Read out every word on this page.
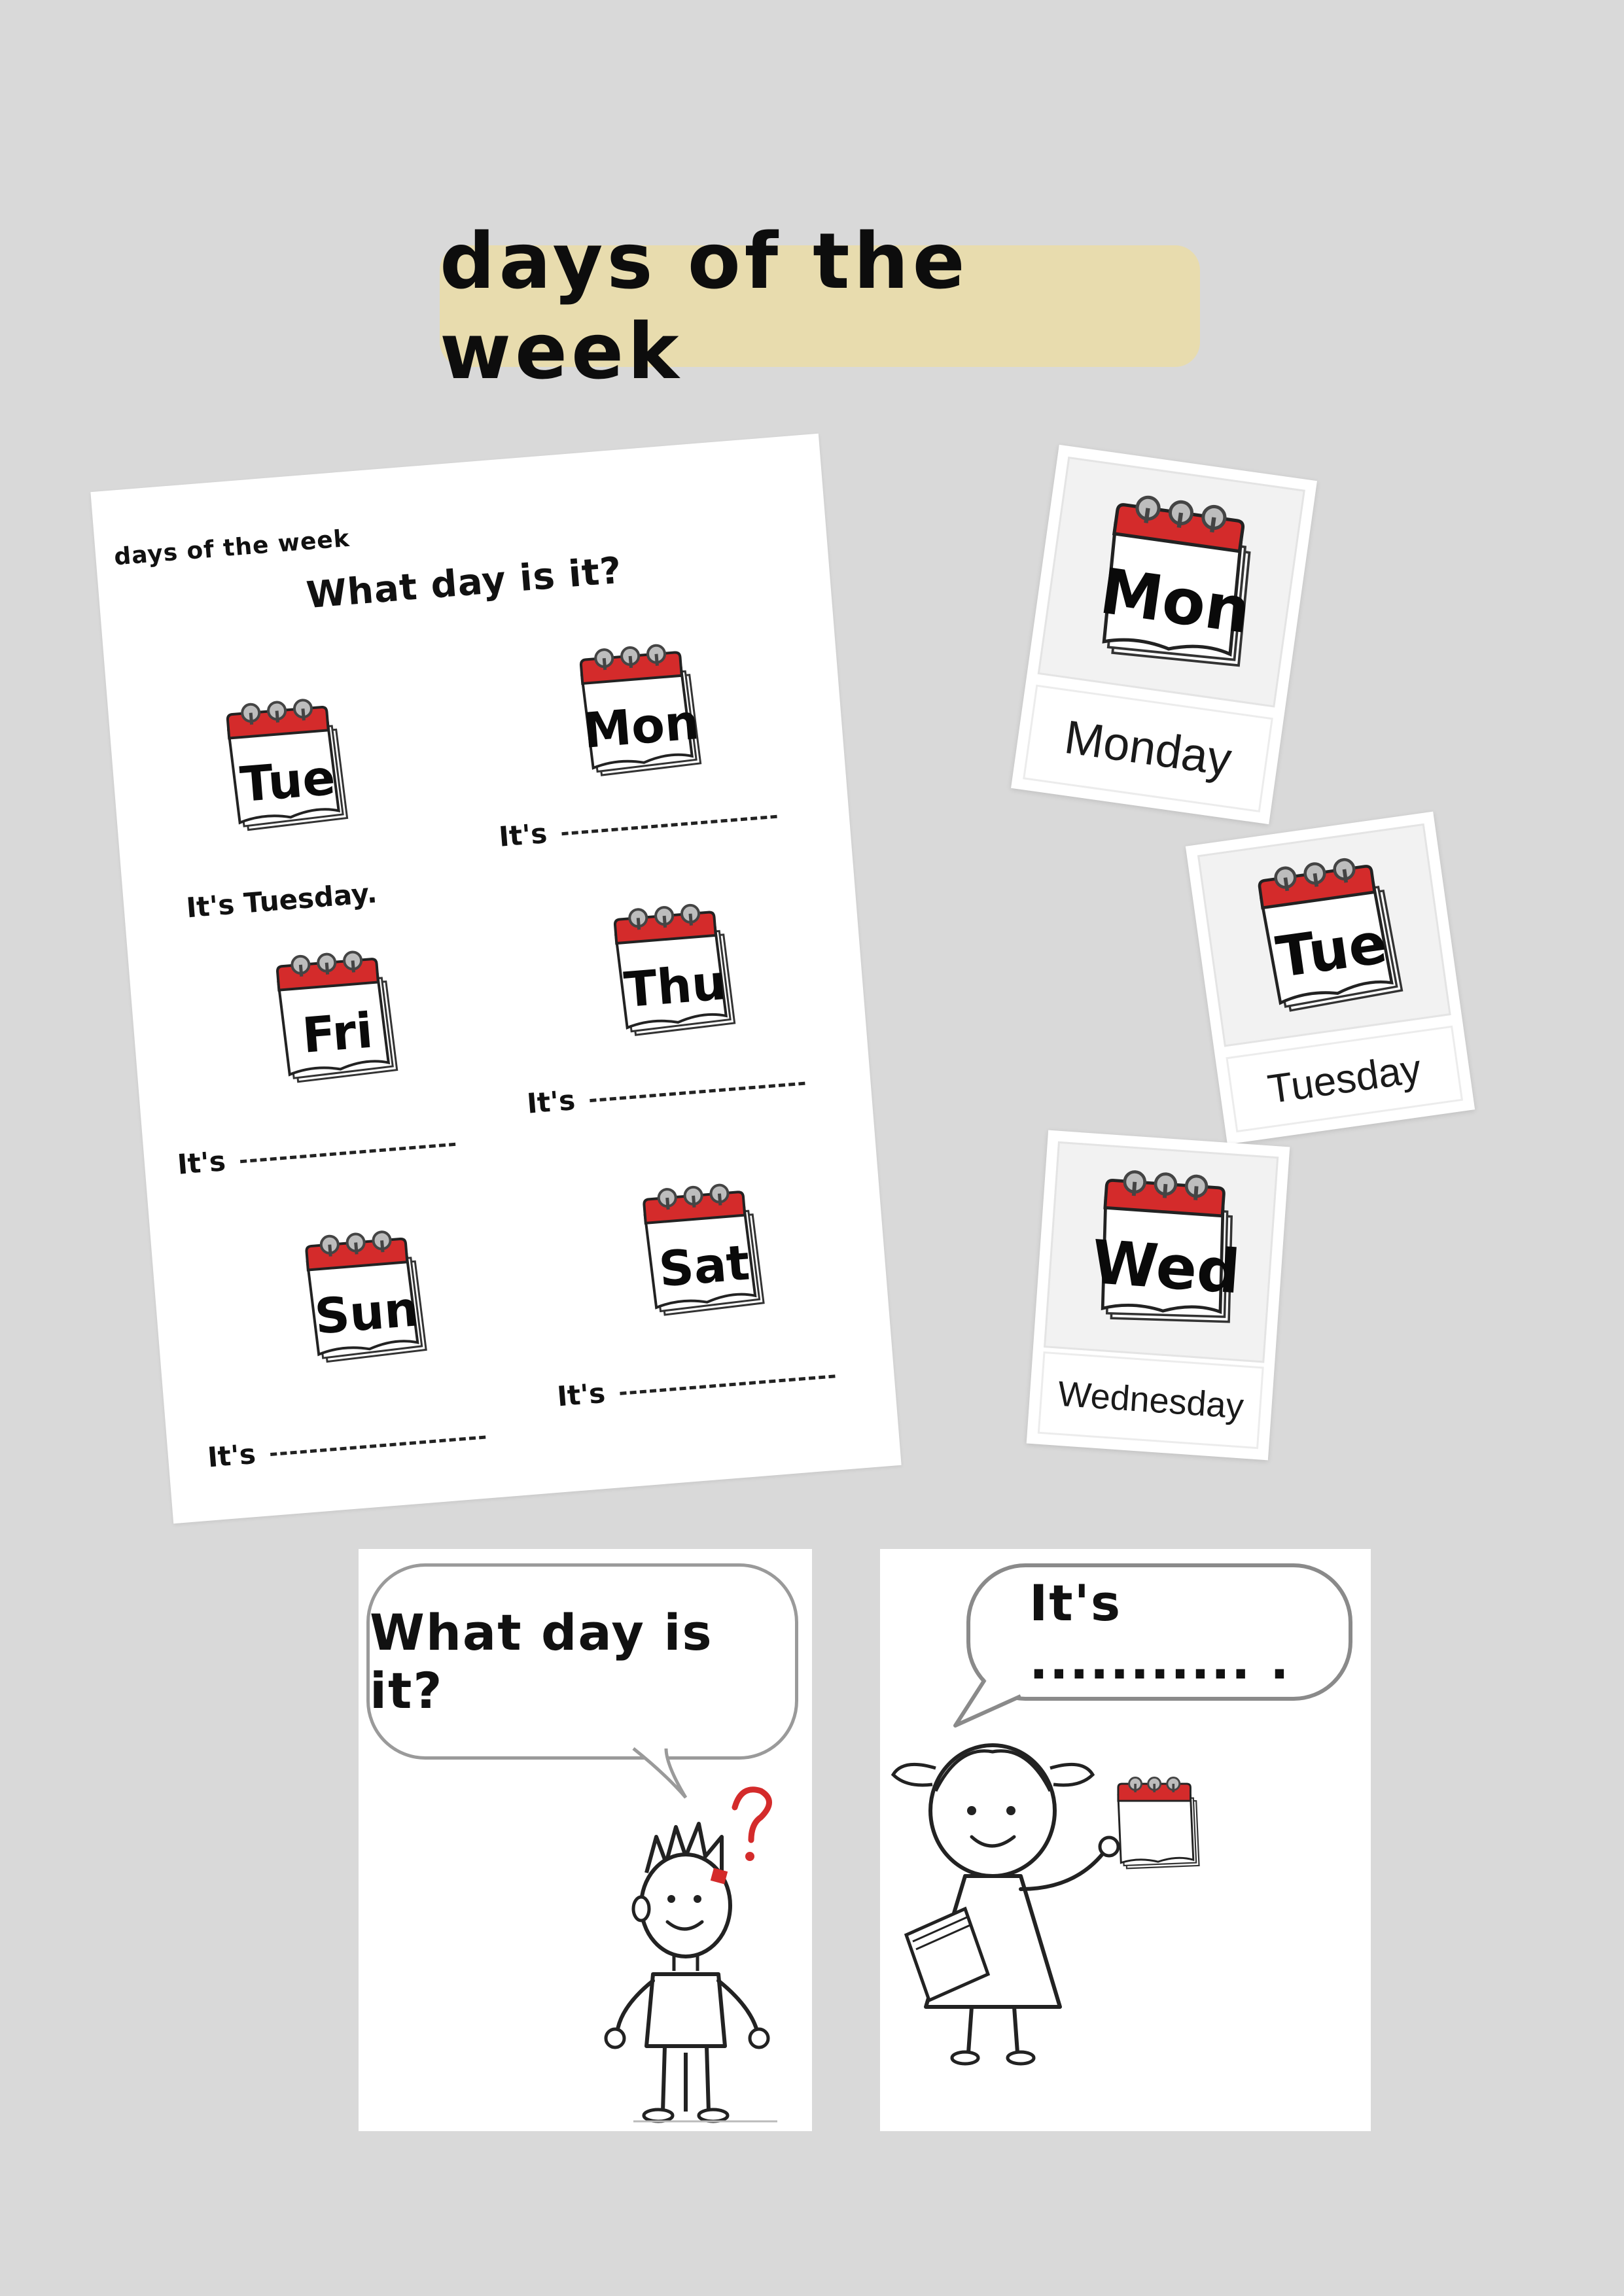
days of the week
days of the week
What day is it?
Tue
It's Tuesday.
Mon
It's
Fri
It's
Thu
It's
Sun
It's
Sat
It's
Mon
Monday
Tue
Tuesday
Wed
Wednesday
What day is it?
It's ........... .
